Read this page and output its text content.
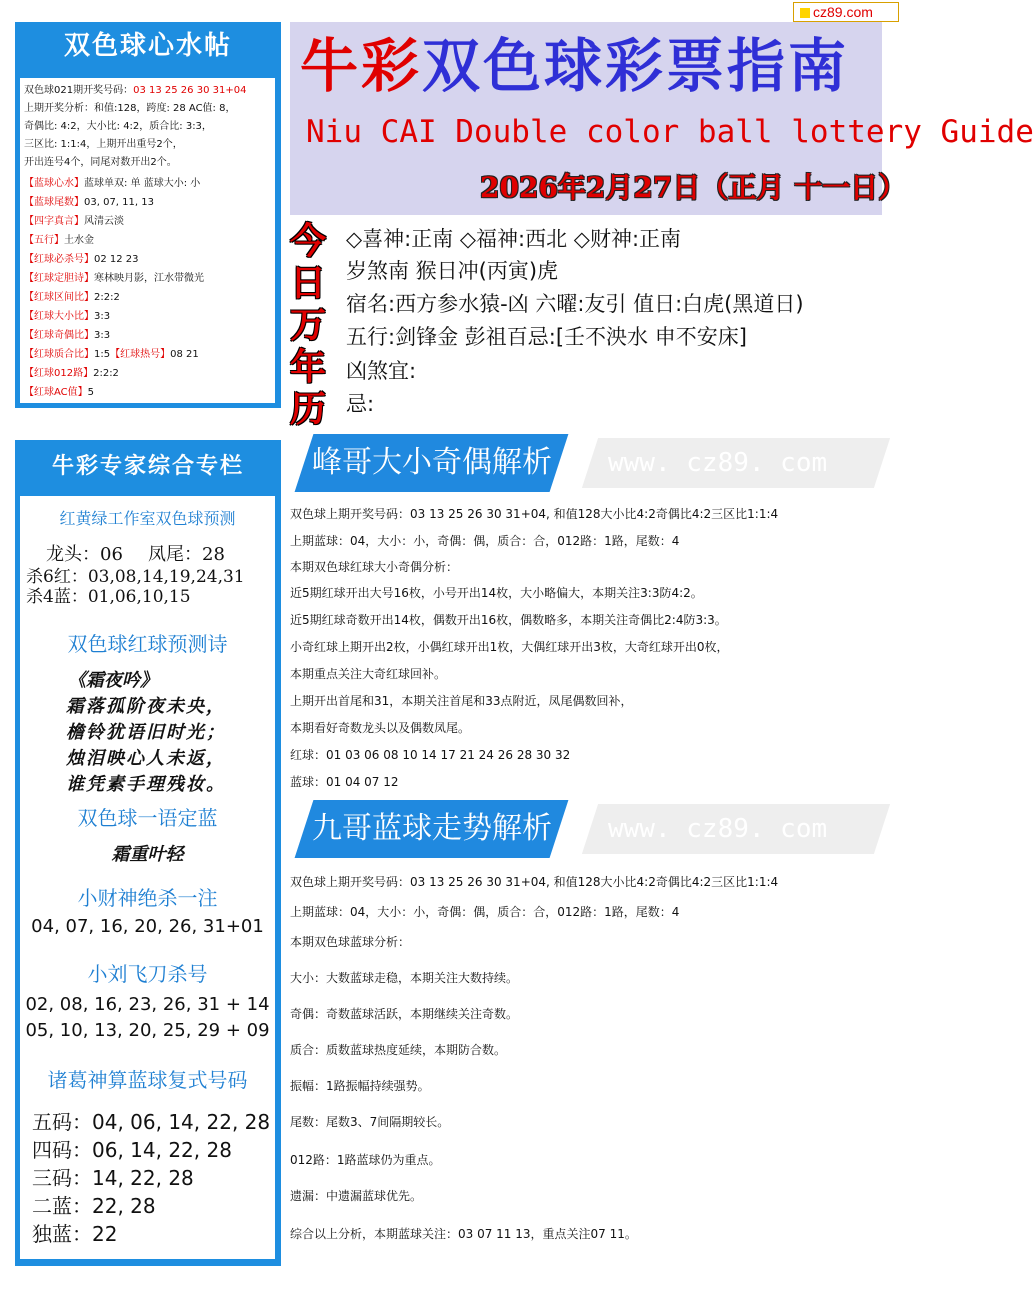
cz89.com
双色球心水帖
双色球021期开奖号码：03 13 25 26 30 31+04
上期开奖分析：和值:128，跨度: 28 AC值: 8，
奇偶比: 4:2，大小比: 4:2，质合比: 3:3，
三区比: 1:1:4，上期开出重号2个，
开出连号4个，同尾对数开出2个。
【蓝球心水】蓝球单双: 单 蓝球大小: 小
【蓝球尾数】03, 07, 11, 13
【四字真言】风清云淡
【五行】土水金
【红球必杀号】02 12 23
【红球定胆诗】寒林映月影，江水带微光
【红球区间比】2:2:2
【红球大小比】3:3
【红球奇偶比】3:3
【红球质合比】1:5【红球热号】08 21
【红球012路】2:2:2
【红球AC值】5
牛彩双色球彩票指南
Niu CAI Double color ball lottery Guide
2026年2月27日（正月 十一日）
今
日
万
年
历
◇喜神:正南 ◇福神:西北 ◇财神:正南
岁煞南 猴日冲(丙寅)虎
宿名:西方参水猿-凶 六曜:友引 值日:白虎(黑道日)
五行:剑锋金 彭祖百忌:[壬不泱水 申不安床]
凶煞宜:
忌:
牛彩专家综合专栏
红黄绿工作室双色球预测
龙头：06 凤尾：28
杀6红：03,08,14,19,24,31
杀4蓝：01,06,10,15
双色球红球预测诗
《霜夜吟》
霜落孤阶夜未央，
檐铃犹语旧时光；
烛泪映心人未返，
谁凭素手理残妆。
双色球一语定蓝
霜重叶轻
小财神绝杀一注
04, 07, 16, 20, 26, 31+01
小刘飞刀杀号
02, 08, 16, 23, 26, 31 + 14
05, 10, 13, 20, 25, 29 + 09
诸葛神算蓝球复式号码
五码：04, 06, 14, 22, 28
四码：06, 14, 22, 28
三码：14, 22, 28
二蓝：22, 28
独蓝：22
峰哥大小奇偶解析 www. cz89. com
双色球上期开奖号码：03 13 25 26 30 31+04, 和值128大小比4:2奇偶比4:2三区比1:1:4
上期蓝球：04，大小：小，奇偶：偶，质合：合，012路：1路，尾数：4
本期双色球红球大小奇偶分析：
近5期红球开出大号16枚，小号开出14枚，大小略偏大，本期关注3:3防4:2。
近5期红球奇数开出14枚，偶数开出16枚，偶数略多，本期关注奇偶比2:4防3:3。
小奇红球上期开出2枚，小偶红球开出1枚，大偶红球开出3枚，大奇红球开出0枚，
本期重点关注大奇红球回补。
上期开出首尾和31，本期关注首尾和33点附近，凤尾偶数回补，
本期看好奇数龙头以及偶数凤尾。
红球：01 03 06 08 10 14 17 21 24 26 28 30 32
蓝球：01 04 07 12
九哥蓝球走势解析 www. cz89. com
双色球上期开奖号码：03 13 25 26 30 31+04, 和值128大小比4:2奇偶比4:2三区比1:1:4
上期蓝球：04，大小：小，奇偶：偶，质合：合，012路：1路，尾数：4
本期双色球蓝球分析：
大小：大数蓝球走稳，本期关注大数持续。
奇偶：奇数蓝球活跃，本期继续关注奇数。
质合：质数蓝球热度延续，本期防合数。
振幅：1路振幅持续强势。
尾数：尾数3、7间隔期较长。
012路：1路蓝球仍为重点。
遗漏：中遗漏蓝球优先。
综合以上分析，本期蓝球关注：03 07 11 13，重点关注07 11。
